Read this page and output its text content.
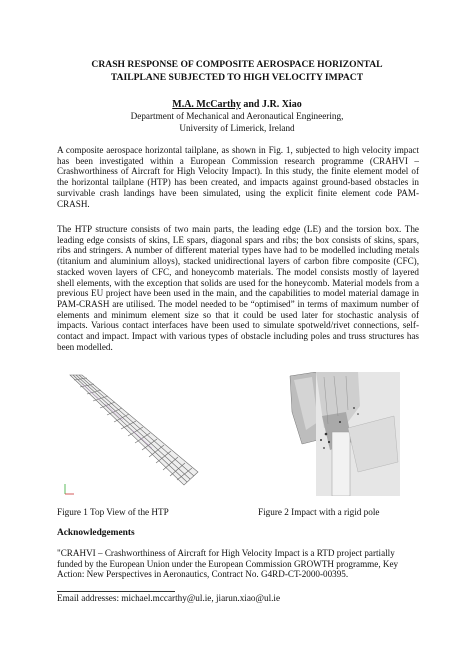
CRASH RESPONSE OF COMPOSITE AEROSPACE HORIZONTAL
TAILPLANE SUBJECTED TO HIGH VELOCITY IMPACT
M.A. McCarthy and J.R. Xiao
Department of Mechanical and Aeronautical Engineering,
University of Limerick, Ireland

A composite aerospace horizontal tailplane, as shown in Fig. 1, subjected to high velocity impact has been investigated within a European Commission research programme (CRAHVI – Crashworthiness of Aircraft for High Velocity Impact). In this study, the finite element model of the horizontal tailplane (HTP) has been created, and impacts against ground-based obstacles in survivable crash landings have been simulated, using the explicit finite element code PAM-CRASH.

The HTP structure consists of two main parts, the leading edge (LE) and the torsion box. The leading edge consists of skins, LE spars, diagonal spars and ribs; the box consists of skins, spars, ribs and stringers. A number of different material types have had to be modelled including metals (titanium and aluminium alloys), stacked unidirectional layers of carbon fibre composite (CFC), stacked woven layers of CFC, and honeycomb materials. The model consists mostly of layered shell elements, with the exception that solids are used for the honeycomb. Material models from a previous EU project have been used in the main, and the capabilities to model material damage in PAM-CRASH are utilised. The model needed to be “optimised” in terms of maximum number of elements and minimum element size so that it could be used later for stochastic analysis of impacts. Various contact interfaces have been used to simulate spotweld/rivet connections, self-contact and impact. Impact with various types of obstacle including poles and truss structures has been modelled.

Figure 1 Top View of the HTP	Figure 2 Impact with a rigid pole
Acknowledgements

"CRAHVI – Crashworthiness of Aircraft for High Velocity Impact is a RTD project partially funded by the European Union under the European Commission GROWTH programme, Key Action: New Perspectives in Aeronautics, Contract No. G4RD-CT-2000-00395.

Email addresses: michael.mccarthy@ul.ie, jiarun.xiao@ul.ie
